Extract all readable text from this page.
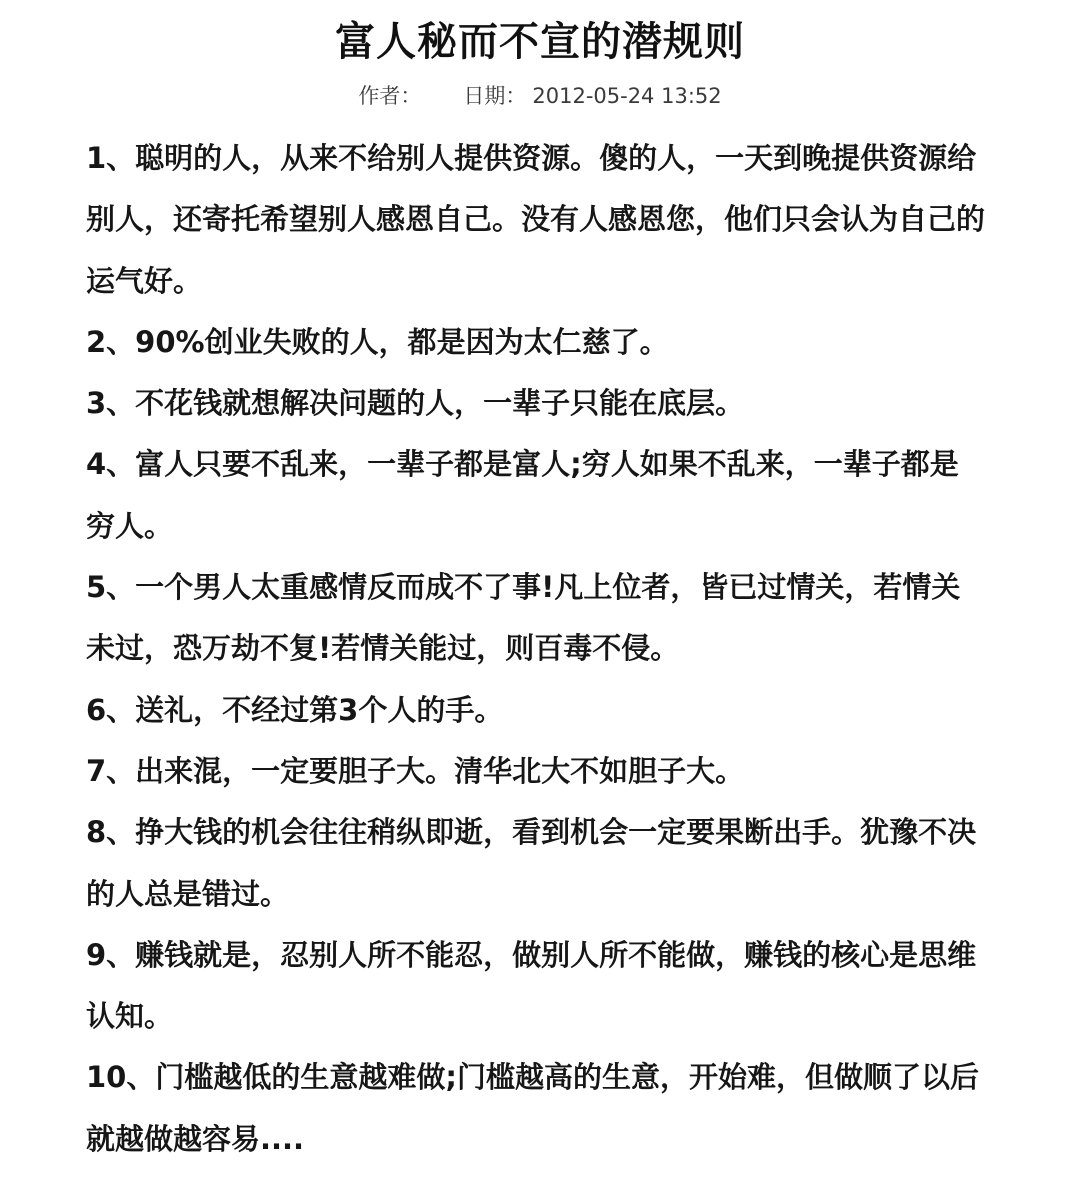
富人秘而不宣的潜规则
作者： 日期： 2012-05-24 13:52

1、聪明的人，从来不给别人提供资源。傻的人，一天到晚提供资源给别人，还寄托希望别人感恩自己。没有人感恩您，他们只会认为自己的运气好。

2、90%创业失败的人，都是因为太仁慈了。

3、不花钱就想解决问题的人，一辈子只能在底层。

4、富人只要不乱来，一辈子都是富人;穷人如果不乱来，一辈子都是穷人。

5、一个男人太重感情反而成不了事!凡上位者，皆已过情关，若情关未过，恐万劫不复!若情关能过，则百毒不侵。

6、送礼，不经过第3个人的手。

7、出来混，一定要胆子大。清华北大不如胆子大。

8、挣大钱的机会往往稍纵即逝，看到机会一定要果断出手。犹豫不决的人总是错过。

9、赚钱就是，忍别人所不能忍，做别人所不能做，赚钱的核心是思维认知。

10、门槛越低的生意越难做;门槛越高的生意，开始难，但做顺了以后就越做越容易....
